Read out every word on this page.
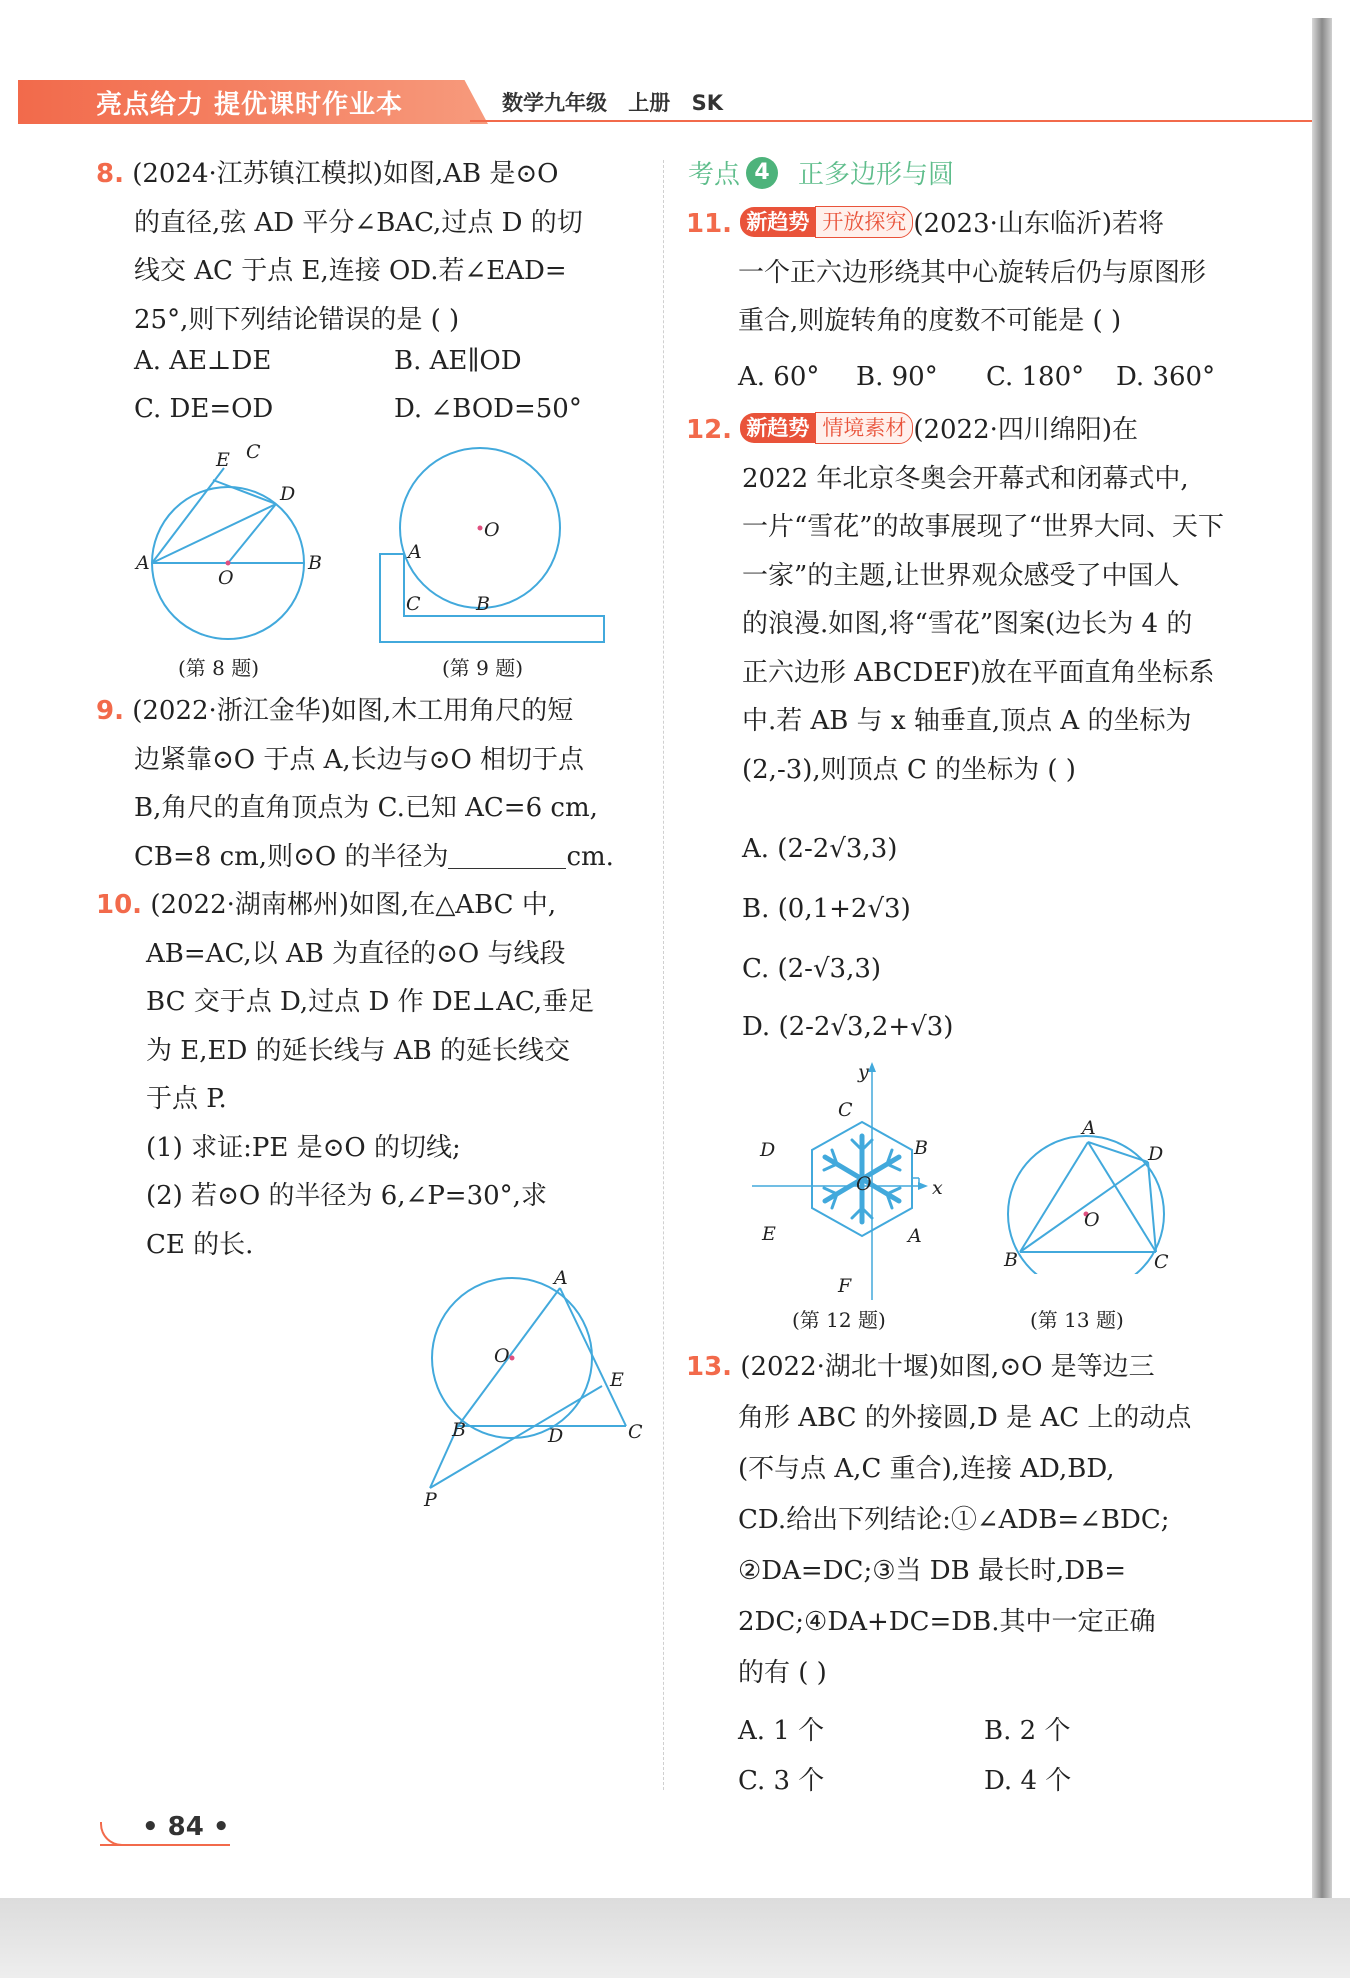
亮点给力 提优课时作业本	数学九年级 上册 SK
8. (2024·江苏镇江模拟)如图,AB 是⊙O
的直径,弦 AD 平分∠BAC,过点 D 的切
线交 AC 于点 E,连接 OD.若∠EAD=
25°,则下列结论错误的是 ( )
A. AE⊥DE	B. AE∥OD
C. DE=OD	D. ∠BOD=50°
E C
D
A
O
B
(第 8 题)
O
A
C	B
(第 9 题)
9. (2022·浙江金华)如图,木工用角尺的短
边紧靠⊙O 于点 A,长边与⊙O 相切于点
B,角尺的直角顶点为 C.已知 AC=6 cm,
CB=8 cm,则⊙O 的半径为	cm.
10. (2022·湖南郴州)如图,在△ABC 中,
AB=AC,以 AB 为直径的⊙O 与线段
BC 交于点 D,过点 D 作 DE⊥AC,垂足
为 E,ED 的延长线与 AB 的延长线交
于点 P.
(1) 求证:PE 是⊙O 的切线;
(2) 若⊙O 的半径为 6,∠P=30°,求
CE 的长.
A
O
E
B	D	C
P
考点 4	正多边形与圆
11. 新趋势 开放探究 (2023·山东临沂)若将
一个正六边形绕其中心旋转后仍与原图形
重合,则旋转角的度数不可能是 ( )
A. 60° B. 90° C. 180° D. 360°
12. 新趋势 情境素材 (2022·四川绵阳)在
2022 年北京冬奥会开幕式和闭幕式中,
一片“雪花”的故事展现了“世界大同、天下
一家”的主题,让世界观众感受了中国人
的浪漫.如图,将“雪花”图案(边长为 4 的
正六边形 ABCDEF)放在平面直角坐标系
中.若 AB 与 x 轴垂直,顶点 A 的坐标为
(2,-3),则顶点 C 的坐标为 ( )
A. (2-2√3,3)
B. (0,1+2√3)
C. (2-√3,3)
D. (2-2√3,2+√3)
y
C
D	B
O	x
E	A
F
(第 12 题)
A
D
O
B	C
(第 13 题)
13. (2022·湖北十堰)如图,⊙O 是等边三
角形 ABC 的外接圆,D 是 AC 上的动点
(不与点 A,C 重合),连接 AD,BD,
CD.给出下列结论:①∠ADB=∠BDC;
②DA=DC;③当 DB 最长时,DB=
2DC;④DA+DC=DB.其中一定正确
的有 ( )
A. 1 个	B. 2 个
C. 3 个	D. 4 个
• 84 •
